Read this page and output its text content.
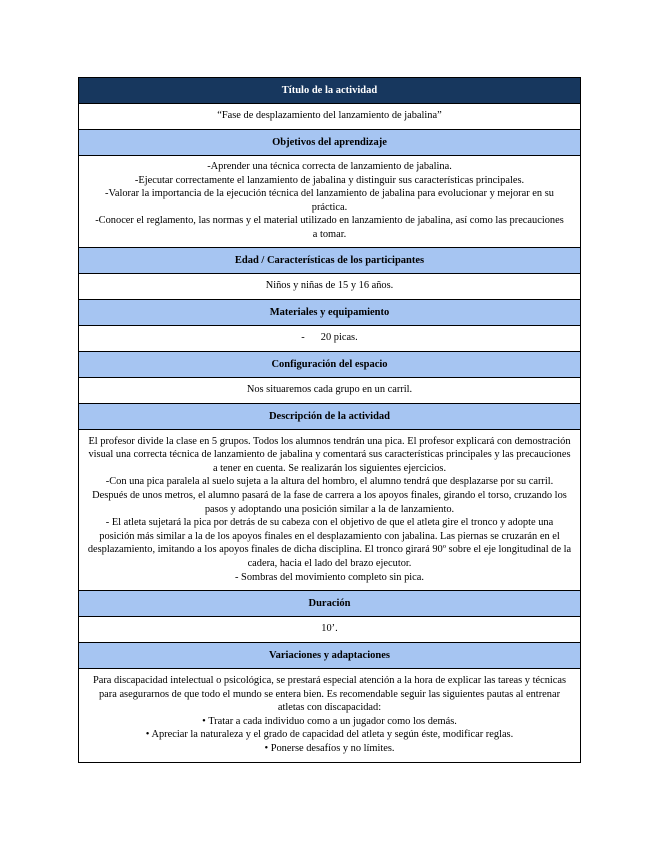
Título de la actividad
“Fase de desplazamiento del lanzamiento de jabalina”
Objetivos del aprendizaje

-Aprender una técnica correcta de lanzamiento de jabalina.

-Ejecutar correctamente el lanzamiento de jabalina y distinguir sus características principales.

-Valorar la importancia de la ejecución técnica del lanzamiento de jabalina para evolucionar y mejorar en su práctica.

-Conocer el reglamento, las normas y el material utilizado en lanzamiento de jabalina, así como las precauciones a tomar.

Edad / Características de los participantes
Niños y niñas de 15 y 16 años.
Materiales y equipamiento
- 20 picas.
Configuración del espacio
Nos situaremos cada grupo en un carril.
Descripción de la actividad

El profesor divide la clase en 5 grupos. Todos los alumnos tendrán una pica. El profesor explicará con demostración visual una correcta técnica de lanzamiento de jabalina y comentará sus características principales y las precauciones a tener en cuenta. Se realizarán los siguientes ejercicios.

-Con una pica paralela al suelo sujeta a la altura del hombro, el alumno tendrá que desplazarse por su carril. Después de unos metros, el alumno pasará de la fase de carrera a los apoyos finales, girando el torso, cruzando los pasos y adoptando una posición similar a la de lanzamiento.

- El atleta sujetará la pica por detrás de su cabeza con el objetivo de que el atleta gire el tronco y adopte una posición más similar a la de los apoyos finales en el desplazamiento con jabalina. Las piernas se cruzarán en el desplazamiento, imitando a los apoyos finales de dicha disciplina. El tronco girará 90º sobre el eje longitudinal de la cadera, hacia el lado del brazo ejecutor.

- Sombras del movimiento completo sin pica.

Duración
10’.
Variaciones y adaptaciones

Para discapacidad intelectual o psicológica, se prestará especial atención a la hora de explicar las tareas y técnicas para asegurarnos de que todo el mundo se entera bien. Es recomendable seguir las siguientes pautas al entrenar atletas con discapacidad:

• Tratar a cada individuo como a un jugador como los demás.

• Apreciar la naturaleza y el grado de capacidad del atleta y según éste, modificar reglas.

• Ponerse desafíos y no límites.
